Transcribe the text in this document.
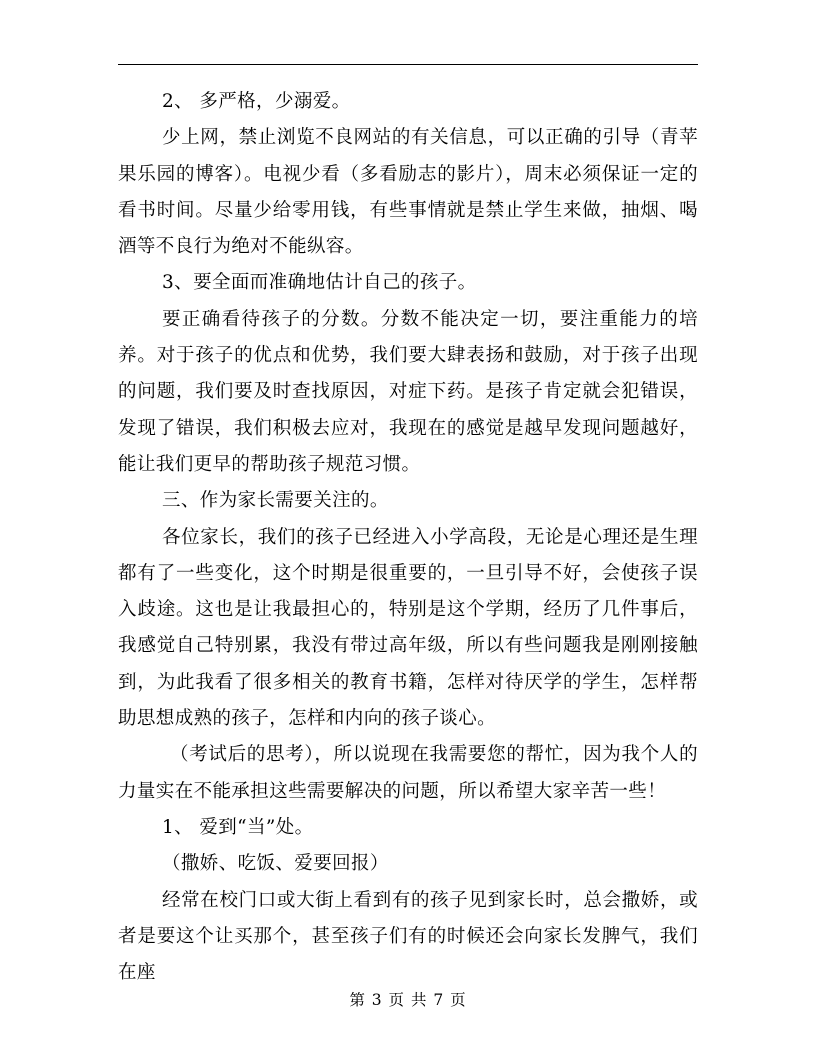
2、 多严格，少溺爱。

少上网，禁止浏览不良网站的有关信息，可以正确的引导（青苹果乐园的博客）。电视少看（多看励志的影片），周末必须保证一定的看书时间。尽量少给零用钱，有些事情就是禁止学生来做，抽烟、喝酒等不良行为绝对不能纵容。

3、要全面而准确地估计自己的孩子。

要正确看待孩子的分数。分数不能决定一切，要注重能力的培养。对于孩子的优点和优势，我们要大肆表扬和鼓励，对于孩子出现的问题，我们要及时查找原因，对症下药。是孩子肯定就会犯错误，发现了错误，我们积极去应对，我现在的感觉是越早发现问题越好，能让我们更早的帮助孩子规范习惯。

三、作为家长需要关注的。

各位家长，我们的孩子已经进入小学高段，无论是心理还是生理都有了一些变化，这个时期是很重要的，一旦引导不好，会使孩子误入歧途。这也是让我最担心的，特别是这个学期，经历了几件事后，我感觉自己特别累，我没有带过高年级，所以有些问题我是刚刚接触到，为此我看了很多相关的教育书籍，怎样对待厌学的学生，怎样帮助思想成熟的孩子，怎样和内向的孩子谈心。

（考试后的思考），所以说现在我需要您的帮忙，因为我个人的力量实在不能承担这些需要解决的问题，所以希望大家辛苦一些！

1、 爱到“当”处。

（撒娇、吃饭、爱要回报）

经常在校门口或大街上看到有的孩子见到家长时，总会撒娇，或者是要这个让买那个，甚至孩子们有的时候还会向家长发脾气，我们在座

第 3 页 共 7 页
